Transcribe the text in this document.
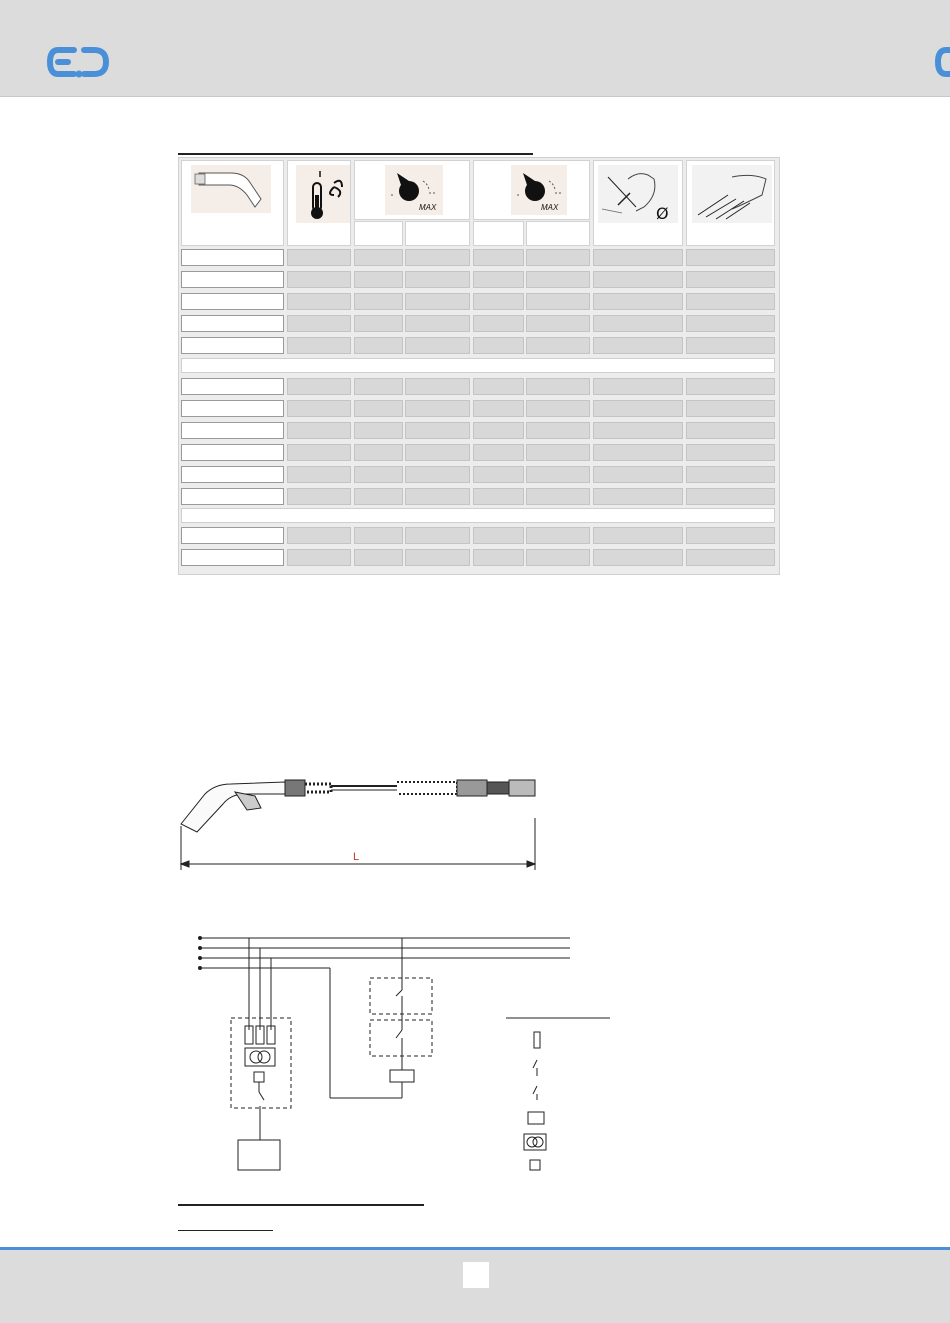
MAX	MAX	Ø
L
